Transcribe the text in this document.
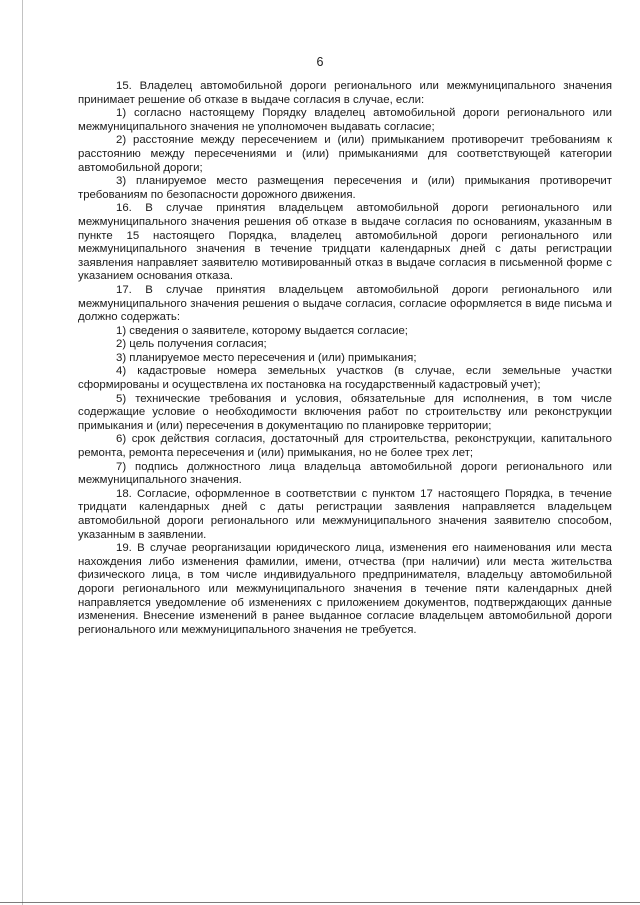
6

15. Владелец автомобильной дороги регионального или межмуниципального значения принимает решение об отказе в выдаче согласия в случае, если:

1) согласно настоящему Порядку владелец автомобильной дороги регионального или межмуниципального значения не уполномочен выдавать согласие;

2) расстояние между пересечением и (или) примыканием противоречит требованиям к расстоянию между пересечениями и (или) примыканиями для соответствующей категории автомобильной дороги;

3) планируемое место размещения пересечения и (или) примыкания противоречит требованиям по безопасности дорожного движения.

16. В случае принятия владельцем автомобильной дороги регионального или межмуниципального значения решения об отказе в выдаче согласия по основаниям, указанным в пункте 15 настоящего Порядка, владелец автомобильной дороги регионального или межмуниципального значения в течение тридцати календарных дней с даты регистрации заявления направляет заявителю мотивированный отказ в выдаче согласия в письменной форме с указанием основания отказа.

17. В случае принятия владельцем автомобильной дороги регионального или межмуниципального значения решения о выдаче согласия, согласие оформляется в виде письма и должно содержать:

1) сведения о заявителе, которому выдается согласие;

2) цель получения согласия;

3) планируемое место пересечения и (или) примыкания;

4) кадастровые номера земельных участков (в случае, если земельные участки сформированы и осуществлена их постановка на государственный кадастровый учет);

5) технические требования и условия, обязательные для исполнения, в том числе содержащие условие о необходимости включения работ по строительству или реконструкции примыкания и (или) пересечения в документацию по планировке территории;

6) срок действия согласия, достаточный для строительства, реконструкции, капитального ремонта, ремонта пересечения и (или) примыкания, но не более трех лет;

7) подпись должностного лица владельца автомобильной дороги регионального или межмуниципального значения.

18. Согласие, оформленное в соответствии с пунктом 17 настоящего Порядка, в течение тридцати календарных дней с даты регистрации заявления направляется владельцем автомобильной дороги регионального или межмуниципального значения заявителю способом, указанным в заявлении.

19. В случае реорганизации юридического лица, изменения его наименования или места нахождения либо изменения фамилии, имени, отчества (при наличии) или места жительства физического лица, в том числе индивидуального предпринимателя, владельцу автомобильной дороги регионального или межмуниципального значения в течение пяти календарных дней направляется уведомление об изменениях с приложением документов, подтверждающих данные изменения. Внесение изменений в ранее выданное согласие владельцем автомобильной дороги регионального или межмуниципального значения не требуется.
